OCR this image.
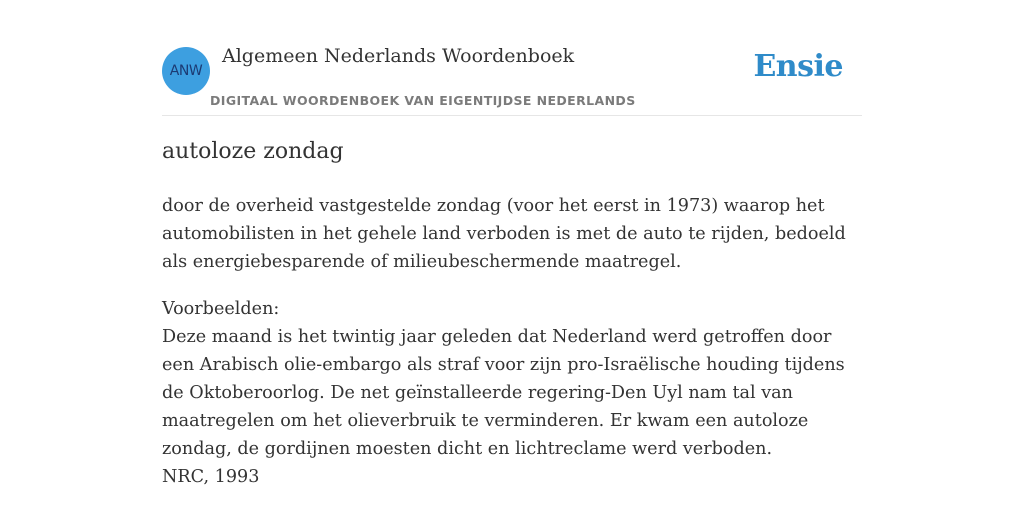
ANW
Algemeen Nederlands Woordenboek
DIGITAAL WOORDENBOEK VAN EIGENTIJDSE NEDERLANDS
Ensie
autoloze zondag

door de overheid vastgestelde zondag (voor het eerst in 1973) waarop het automobilisten in het gehele land verboden is met de auto te rijden, bedoeld als energiebesparende of milieubeschermende maatregel.

Voorbeelden:
Deze maand is het twintig jaar geleden dat Nederland werd getroffen door een Arabisch olie-embargo als straf voor zijn pro-Israëlische houding tijdens de Oktoberoorlog. De net geïnstalleerde regering-Den Uyl nam tal van maatregelen om het olieverbruik te verminderen. Er kwam een autoloze zondag, de gordijnen moesten dicht en lichtreclame werd verboden.
NRC, 1993
